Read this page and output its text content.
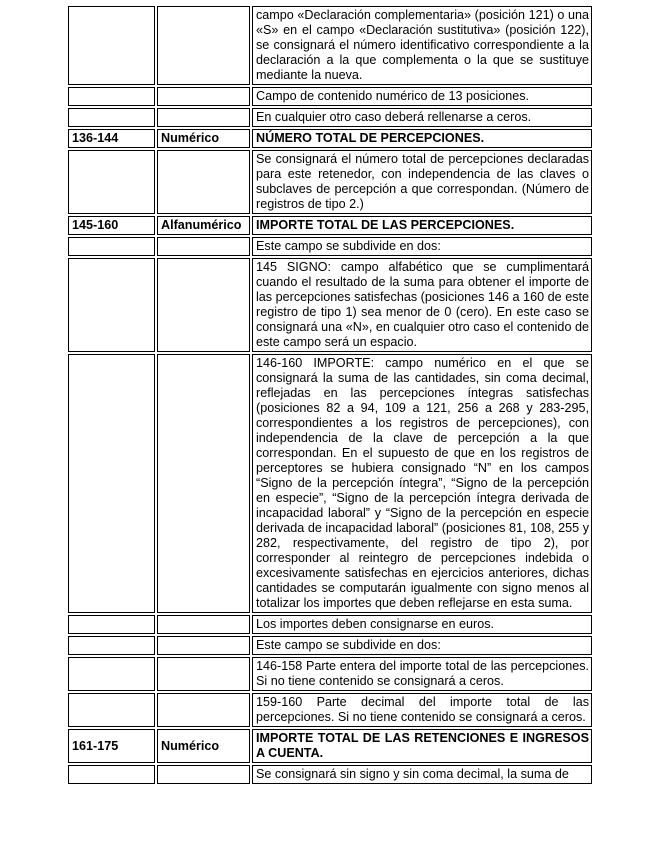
		campo «Declaración complementaria» (posición 121) o una «S» en el campo «Declaración sustitutiva» (posición 122), se consignará el número identificativo correspondiente a la declaración a la que complementa o la que se sustituye mediante la nueva.
		Campo de contenido numérico de 13 posiciones.
		En cualquier otro caso deberá rellenarse a ceros.
136-144	Numérico	NÚMERO TOTAL DE PERCEPCIONES.
		Se consignará el número total de percepciones declaradas para este retenedor, con independencia de las claves o subclaves de percepción a que correspondan. (Número de registros de tipo 2.)
145-160	Alfanumérico	IMPORTE TOTAL DE LAS PERCEPCIONES.
		Este campo se subdivide en dos:
		145 SIGNO: campo alfabético que se cumplimentará cuando el resultado de la suma para obtener el importe de las percepciones satisfechas (posiciones 146 a 160 de este registro de tipo 1) sea menor de 0 (cero). En este caso se consignará una «N», en cualquier otro caso el contenido de este campo será un espacio.
		146-160 IMPORTE: campo numérico en el que se consignará la suma de las cantidades, sin coma decimal, reflejadas en las percepciones íntegras satisfechas (posiciones 82 a 94, 109 a 121, 256 a 268 y 283-295, correspondientes a los registros de percepciones), con independencia de la clave de percepción a la que correspondan. En el supuesto de que en los registros de perceptores se hubiera consignado “N” en los campos “Signo de la percepción íntegra”, “Signo de la percepción en especie”, “Signo de la percepción íntegra derivada de incapacidad laboral” y “Signo de la percepción en especie derivada de incapacidad laboral” (posiciones 81, 108, 255 y 282, respectivamente, del registro de tipo 2), por corresponder al reintegro de percepciones indebida o excesivamente satisfechas en ejercicios anteriores, dichas cantidades se computarán igualmente con signo menos al totalizar los importes que deben reflejarse en esta suma.
		Los importes deben consignarse en euros.
		Este campo se subdivide en dos:
		146-158 Parte entera del importe total de las percepciones. Si no tiene contenido se consignará a ceros.
		159-160 Parte decimal del importe total de las percepciones. Si no tiene contenido se consignará a ceros.
161-175	Numérico	IMPORTE TOTAL DE LAS RETENCIONES E INGRESOS A CUENTA.
		Se consignará sin signo y sin coma decimal, la suma de
